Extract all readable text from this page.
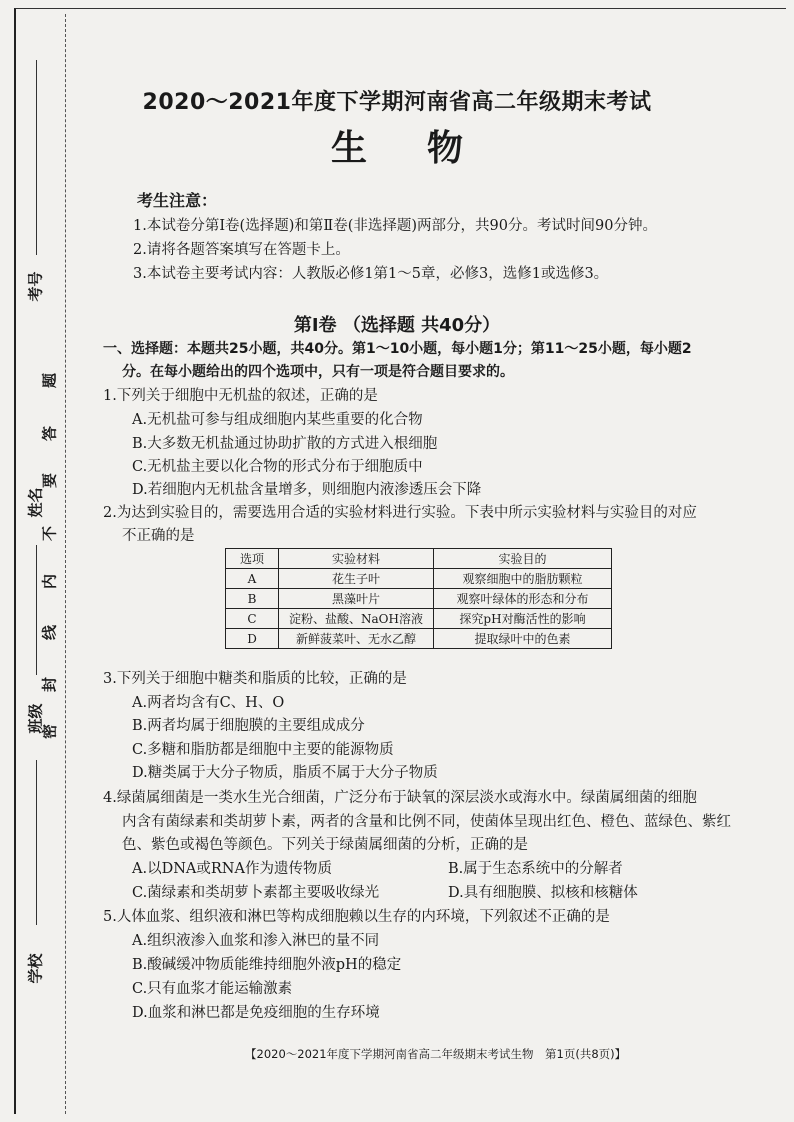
考号
姓名
班级
学校
题
答
要
不
内
线
封
密
2020～2021年度下学期河南省高二年级期末考试
生物
考生注意：
1.本试卷分第Ⅰ卷(选择题)和第Ⅱ卷(非选择题)两部分，共90分。考试时间90分钟。
2.请将各题答案填写在答题卡上。
3.本试卷主要考试内容：人教版必修1第1～5章，必修3，选修1或选修3。
第Ⅰ卷 （选择题 共40分）
一、选择题：本题共25小题，共40分。第1～10小题，每小题1分；第11～25小题，每小题2
分。在每小题给出的四个选项中，只有一项是符合题目要求的。
1.下列关于细胞中无机盐的叙述，正确的是
A.无机盐可参与组成细胞内某些重要的化合物
B.大多数无机盐通过协助扩散的方式进入根细胞
C.无机盐主要以化合物的形式分布于细胞质中
D.若细胞内无机盐含量增多，则细胞内液渗透压会下降
2.为达到实验目的，需要选用合适的实验材料进行实验。下表中所示实验材料与实验目的对应
不正确的是
选项	实验材料	实验目的
A	花生子叶	观察细胞中的脂肪颗粒
B	黑藻叶片	观察叶绿体的形态和分布
C	淀粉、盐酸、NaOH溶液	探究pH对酶活性的影响
D	新鲜菠菜叶、无水乙醇	提取绿叶中的色素
3.下列关于细胞中糖类和脂质的比较，正确的是
A.两者均含有C、H、O
B.两者均属于细胞膜的主要组成成分
C.多糖和脂肪都是细胞中主要的能源物质
D.糖类属于大分子物质，脂质不属于大分子物质
4.绿菌属细菌是一类水生光合细菌，广泛分布于缺氧的深层淡水或海水中。绿菌属细菌的细胞
内含有菌绿素和类胡萝卜素，两者的含量和比例不同，使菌体呈现出红色、橙色、蓝绿色、紫红
色、紫色或褐色等颜色。下列关于绿菌属细菌的分析，正确的是
A.以DNA或RNA作为遗传物质	B.属于生态系统中的分解者
C.菌绿素和类胡萝卜素都主要吸收绿光	D.具有细胞膜、拟核和核糖体
5.人体血浆、组织液和淋巴等构成细胞赖以生存的内环境，下列叙述不正确的是
A.组织液渗入血浆和渗入淋巴的量不同
B.酸碱缓冲物质能维持细胞外液pH的稳定
C.只有血浆才能运输激素
D.血浆和淋巴都是免疫细胞的生存环境
【2020～2021年度下学期河南省高二年级期末考试生物　第1页(共8页)】
